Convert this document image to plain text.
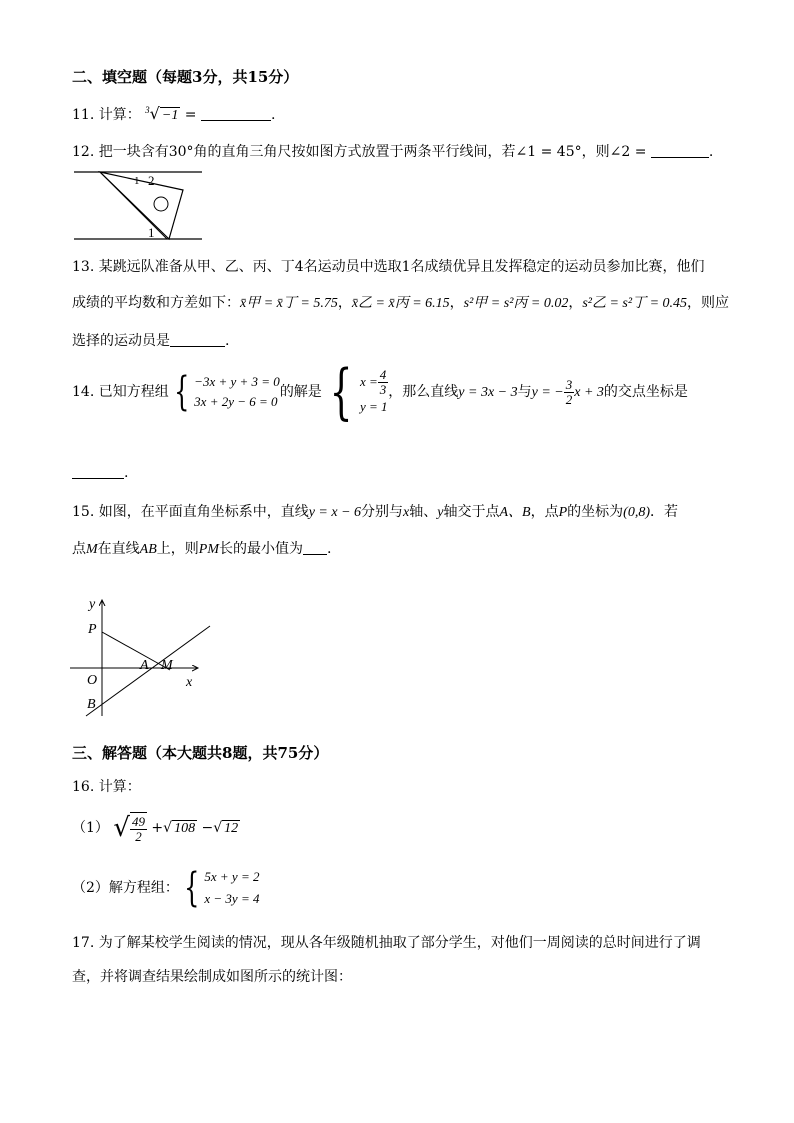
二、填空题（每题3分，共15分）
11. 计算： $^3$√ −1 =	.
12. 把一块含有30°角的直角三角尺按如图方式放置于两条平行线间，若∠1 = 45°，则∠2 =	.
1 2
1
13. 某跳远队准备从甲、乙、丙、丁4名运动员中选取1名成绩优异且发挥稳定的运动员参加比赛，他们
成绩的平均数和方差如下：x̄甲 = x̄丁 = 5.75，x̄乙 = x̄丙 = 6.15，s²甲 = s²丙 = 0.02，s²乙 = s²丁 = 0.45，则应
选择的运动员是	.
14. 已知方程组 { −3x + y + 3 = 0
3x + 2y − 6 = 0
的解是 { $x = \frac{4}{3}$
y = 1
，那么直线y = 3x − 3与y = − $\frac{3}{2}$ x + 3的交点坐标是
.
15. 如图，在平面直角坐标系中，直线y = x − 6分别与x轴、y轴交于点A、B，点P的坐标为(0,8)．若
点M在直线AB上，则PM长的最小值为 .
y
P
A M
O	x
B
三、解答题（本大题共8题，共75分）
16. 计算：
（1） √ $\frac{49}{2}$ +√ 108 −√ 12
（2）解方程组： { 5x + y = 2
x − 3y = 4
17. 为了解某校学生阅读的情况，现从各年级随机抽取了部分学生，对他们一周阅读的总时间进行了调
查，并将调查结果绘制成如图所示的统计图：
